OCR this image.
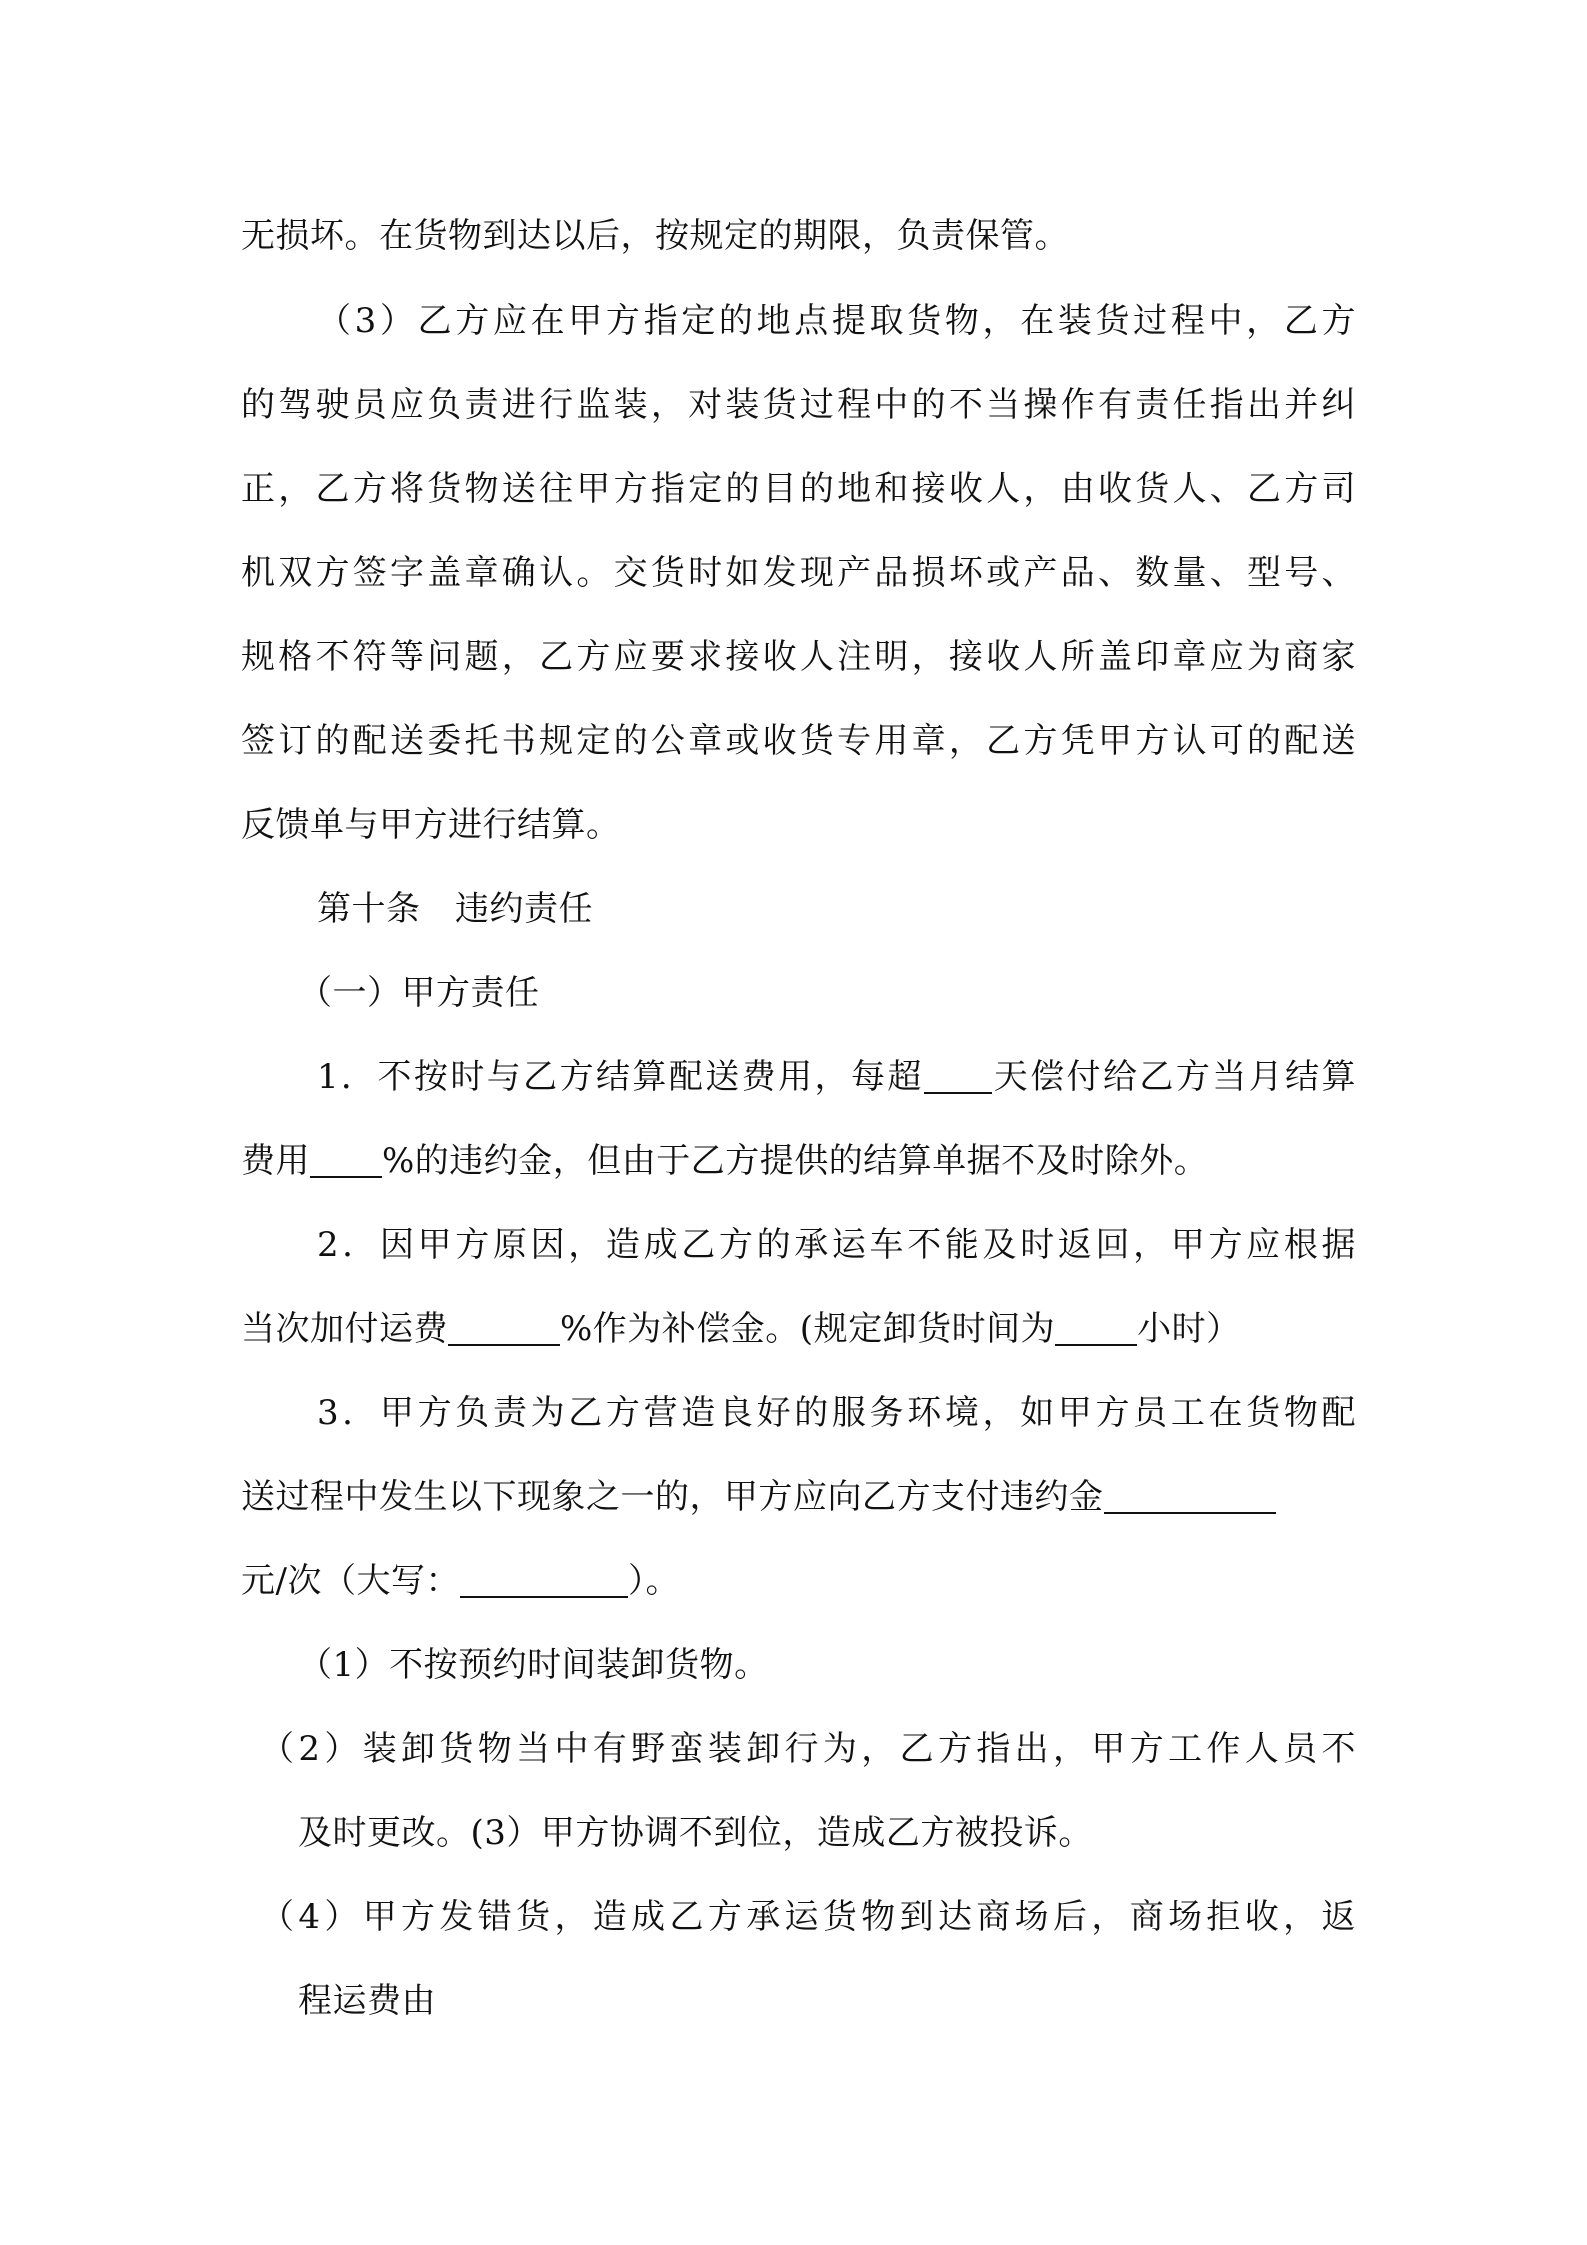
无损坏。在货物到达以后，按规定的期限，负责保管。
（3）乙方应在甲方指定的地点提取货物，在装货过程中，乙方
的驾驶员应负责进行监装，对装货过程中的不当操作有责任指出并纠
正，乙方将货物送往甲方指定的目的地和接收人，由收货人、乙方司
机双方签字盖章确认。交货时如发现产品损坏或产品、数量、型号、
规格不符等问题，乙方应要求接收人注明，接收人所盖印章应为商家
签订的配送委托书规定的公章或收货专用章，乙方凭甲方认可的配送
反馈单与甲方进行结算。
第十条　违约责任
（一）甲方责任
1．不按时与乙方结算配送费用，每超 天偿付给乙方当月结算
费用 %的违约金，但由于乙方提供的结算单据不及时除外。
2．因甲方原因，造成乙方的承运车不能及时返回，甲方应根据
当次加付运费	%作为补偿金。(规定卸货时间为 小时）
3．甲方负责为乙方营造良好的服务环境，如甲方员工在货物配
送过程中发生以下现象之一的，甲方应向乙方支付违约金
元/次（大写：	）。
（1）不按预约时间装卸货物。
（2）装卸货物当中有野蛮装卸行为，乙方指出，甲方工作人员不
及时更改。(3）甲方协调不到位，造成乙方被投诉。
（4）甲方发错货，造成乙方承运货物到达商场后，商场拒收，返
程运费由
